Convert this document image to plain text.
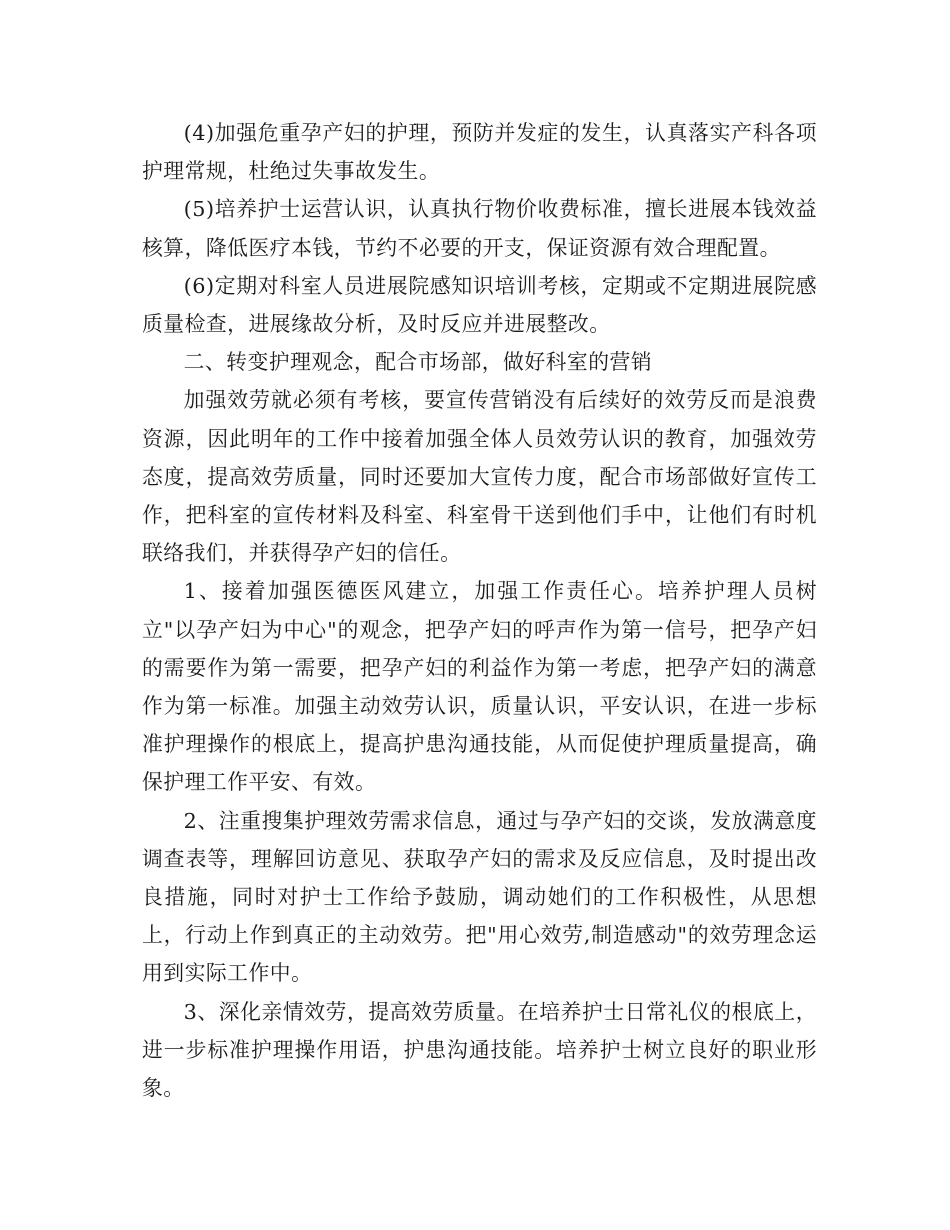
(4)加强危重孕产妇的护理，预防并发症的发生，认真落实产科各项护理常规，杜绝过失事故发生。

(5)培养护士运营认识，认真执行物价收费标准，擅长进展本钱效益核算，降低医疗本钱，节约不必要的开支，保证资源有效合理配置。

(6)定期对科室人员进展院感知识培训考核，定期或不定期进展院感质量检查，进展缘故分析，及时反应并进展整改。

二、转变护理观念，配合市场部，做好科室的营销

加强效劳就必须有考核，要宣传营销没有后续好的效劳反而是浪费资源，因此明年的工作中接着加强全体人员效劳认识的教育，加强效劳态度，提高效劳质量，同时还要加大宣传力度，配合市场部做好宣传工作，把科室的宣传材料及科室、科室骨干送到他们手中，让他们有时机联络我们，并获得孕产妇的信任。

1、接着加强医德医风建立，加强工作责任心。培养护理人员树立"以孕产妇为中心"的观念，把孕产妇的呼声作为第一信号，把孕产妇的需要作为第一需要，把孕产妇的利益作为第一考虑，把孕产妇的满意作为第一标准。加强主动效劳认识，质量认识，平安认识，在进一步标准护理操作的根底上，提高护患沟通技能，从而促使护理质量提高，确保护理工作平安、有效。

2、注重搜集护理效劳需求信息，通过与孕产妇的交谈，发放满意度调查表等，理解回访意见、获取孕产妇的需求及反应信息，及时提出改良措施，同时对护士工作给予鼓励，调动她们的工作积极性，从思想上，行动上作到真正的主动效劳。把"用心效劳,制造感动"的效劳理念运用到实际工作中。

3、深化亲情效劳，提高效劳质量。在培养护士日常礼仪的根底上，进一步标准护理操作用语，护患沟通技能。培养护士树立良好的职业形象。
